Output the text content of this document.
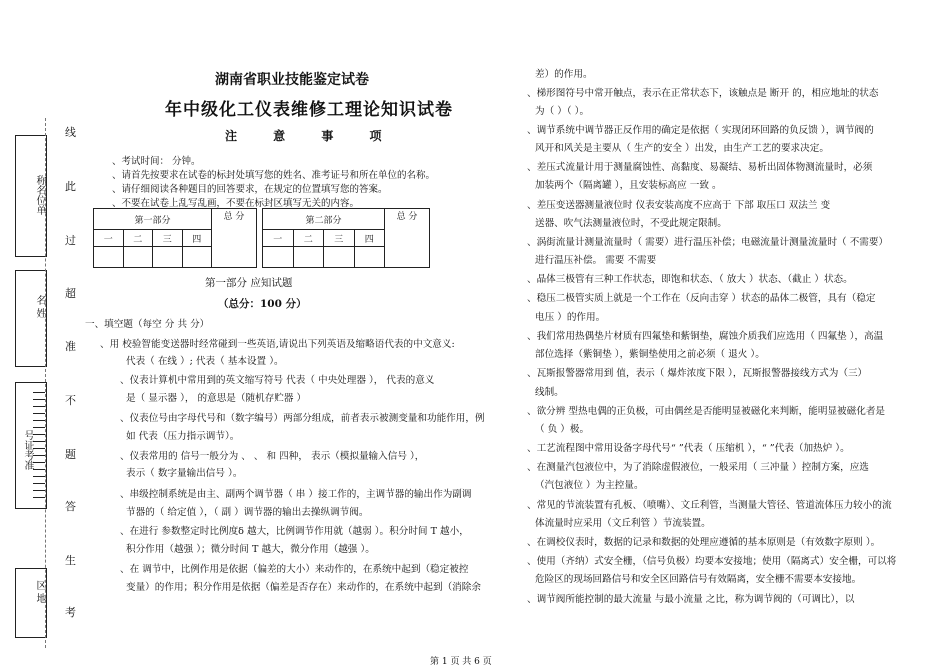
称名位单
名 姓
号证考准
区 地
线
此
过
超
准
不
题
答
生
考
湖南省职业技能鉴定试卷
年中级化工仪表维修工理论知识试卷
注 意 事 项
、考试时间： 分钟。
、请首先按要求在试卷的标封处填写您的姓名、准考证号和所在单位的名称。
、请仔细阅读各种题目的回答要求，在规定的位置填写您的答案。
、不要在试卷上乱写乱画，不要在标封区填写无关的内容。
第一部分				总 分
一	二	三	四	

第二部分				总 分
一	二	三	四	

第一部分 应知试题
（总分：100 分）
一、填空题（每空 分 共 分）
、用 校验智能变送器时经常碰到一些英语,请说出下列英语及缩略语代表的中文意义:
代表（ 在线 ）; 代表（ 基本设置 ）。
、仪表计算机中常用到的英文缩写符号 代表（ 中央处理器 ）， 代表的意义
是（ 显示器 ）， 的意思是（随机存贮器 ）
、仪表位号由字母代号和（数字编号）两部分组成，前者表示被测变量和功能作用，例
如 代表（压力指示调节）。
、仪表常用的 信号一般分为 、 、 和 四种， 表示（模拟量输入信号 ），
表示（ 数字量输出信号 ）。
、串级控制系统是由主、副两个调节器（ 串 ）接工作的，主调节器的输出作为副调
节器的（ 给定值 ），（ 副 ）调节器的输出去操纵调节阀。
、在进行 参数整定时比例度δ 越大，比例调节作用就（越弱 ）。积分时间 T 越小，
积分作用（越强 ）；微分时间 T 越大，微分作用（越强 ）。
、在 调节中，比例作用是依据（偏差的大小）来动作的，在系统中起到（稳定被控
变量）的作用；积分作用是依据（偏差是否存在）来动作的，在系统中起到（消除余
差）的作用。
、梯形图符号中常开触点，表示在正常状态下，该触点是 断开 的，相应地址的状态
为（ ）（ ）。
、调节系统中调节器正反作用的确定是依据（ 实现闭环回路的负反馈 ），调节阀的
风开和风关是主要从（ 生产的安全 ）出发，由生产工艺的要求决定。
、差压式流量计用于测量腐蚀性、高黏度、易凝结、易析出固体物测流量时，必须
加装两个（隔离罐 ），且安装标高应 一致 。
、差压变送器测量液位时 仪表安装高度不应高于 下部 取压口 双法兰 变
送器、吹气法测量液位时，不受此规定限制。
、涡街流量计测量流量时（ 需要）进行温压补偿；电磁流量计测量流量时（ 不需要）
进行温压补偿。 需要 不需要
、晶体三极管有三种工作状态，即饱和状态、（ 放大 ）状态、（截止 ）状态。
、稳压二极管实质上就是一个工作在（反向击穿 ）状态的晶体二极管，具有（稳定
电压 ）的作用。
、我们常用热偶垫片材质有四氟垫和紫铜垫，腐蚀介质我们应选用（ 四氟垫 ），高温
部位选择（紫铜垫 ），紫铜垫使用之前必须（ 退火 ）。
、瓦斯报警器常用到 值，表示（ 爆炸浓度下限 ），瓦斯报警器接线方式为（三）
线制。
、欲分辨 型热电偶的正负极，可由偶丝是否能明显被磁化来判断，能明显被磁化者是
（ 负 ）极。
、工艺流程图中常用设备字母代号“ ”代表（ 压缩机 ），“ ”代表（加热炉 ）。
、在测量汽包液位中，为了消除虚假液位，一般采用（ 三冲量 ）控制方案，应选
（汽包液位 ）为主控量。
、常见的节流装置有孔板、（喷嘴）、文丘利管，当测量大管径、管道流体压力较小的流
体流量时应采用（文丘利管 ）节流装置。
、在调校仪表时，数据的记录和数据的处理应遵循的基本原则是（有效数字原则 ）。
、使用（齐纳）式安全栅，（信号负极）均要本安接地；使用（隔离式）安全栅，可以将
危险区的现场回路信号和安全区回路信号有效隔离，安全栅不需要本安接地。
、调节阀所能控制的最大流量 与最小流量 之比，称为调节阀的（可调比），以
第 1 页 共 6 页
